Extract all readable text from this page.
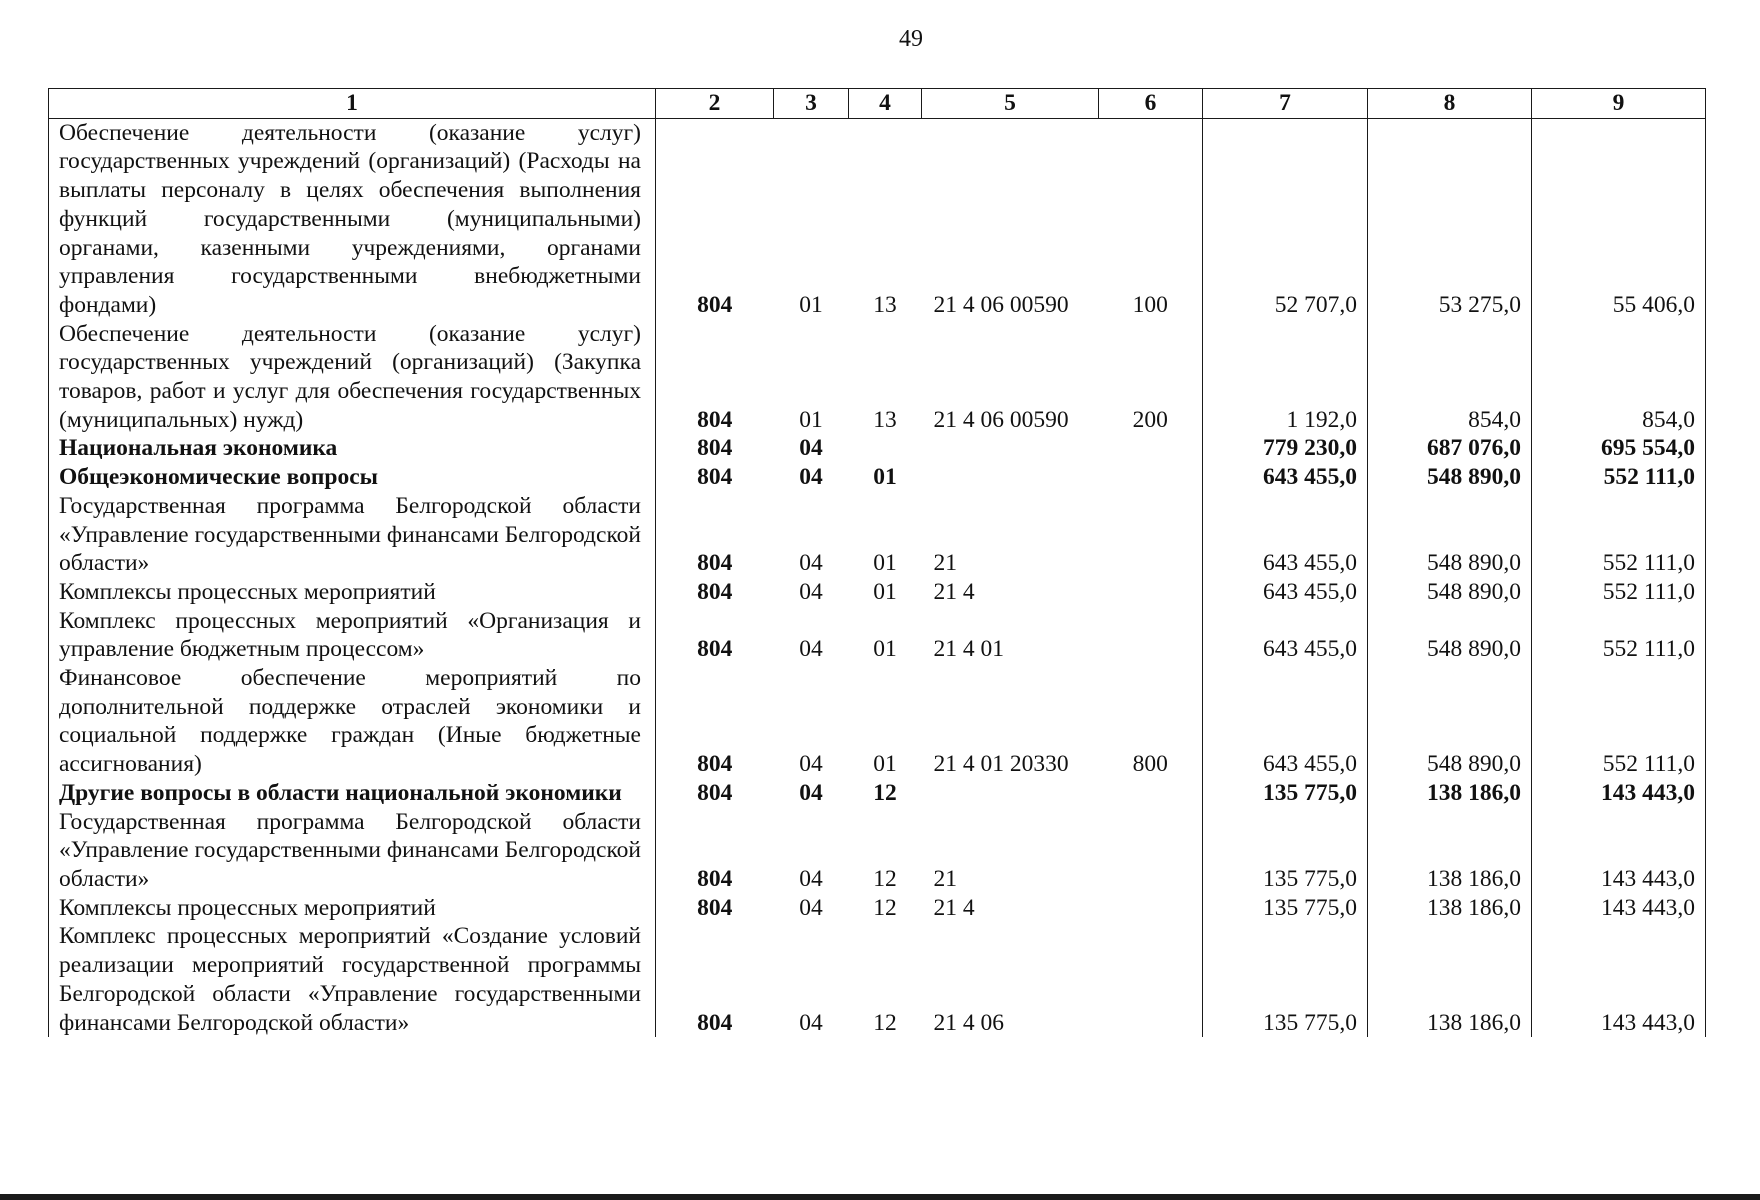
49
1	2	3	4	5	6	7	8	9
Обеспечение деятельности (оказание услуг) государственных учреждений (организаций) (Расходы на выплаты персоналу в целях обеспечения выполнения функций государственными (муниципальными) органами, казенными учреждениями, органами управления государственными внебюджетными фондами)	804	01	13	21 4 06 00590	100	52 707,0	53 275,0	55 406,0
Обеспечение деятельности (оказание услуг) государственных учреждений (организаций) (Закупка товаров, работ и услуг для обеспечения государственных (муниципальных) нужд)	804	01	13	21 4 06 00590	200	1 192,0	854,0	854,0
Национальная экономика	804	04				779 230,0	687 076,0	695 554,0
Общеэкономические вопросы	804	04	01			643 455,0	548 890,0	552 111,0
Государственная программа Белгородской области «Управление государственными финансами Белгородской области»	804	04	01	21		643 455,0	548 890,0	552 111,0
Комплексы процессных мероприятий	804	04	01	21 4		643 455,0	548 890,0	552 111,0
Комплекс процессных мероприятий «Организация и управление бюджетным процессом»	804	04	01	21 4 01		643 455,0	548 890,0	552 111,0
Финансовое обеспечение мероприятий по дополнительной поддержке отраслей экономики и социальной поддержке граждан (Иные бюджетные ассигнования)	804	04	01	21 4 01 20330	800	643 455,0	548 890,0	552 111,0
Другие вопросы в области национальной экономики	804	04	12			135 775,0	138 186,0	143 443,0
Государственная программа Белгородской области «Управление государственными финансами Белгородской области»	804	04	12	21		135 775,0	138 186,0	143 443,0
Комплексы процессных мероприятий	804	04	12	21 4		135 775,0	138 186,0	143 443,0
Комплекс процессных мероприятий «Создание условий реализации мероприятий государственной программы Белгородской области «Управление государственными финансами Белгородской области»	804	04	12	21 4 06		135 775,0	138 186,0	143 443,0
